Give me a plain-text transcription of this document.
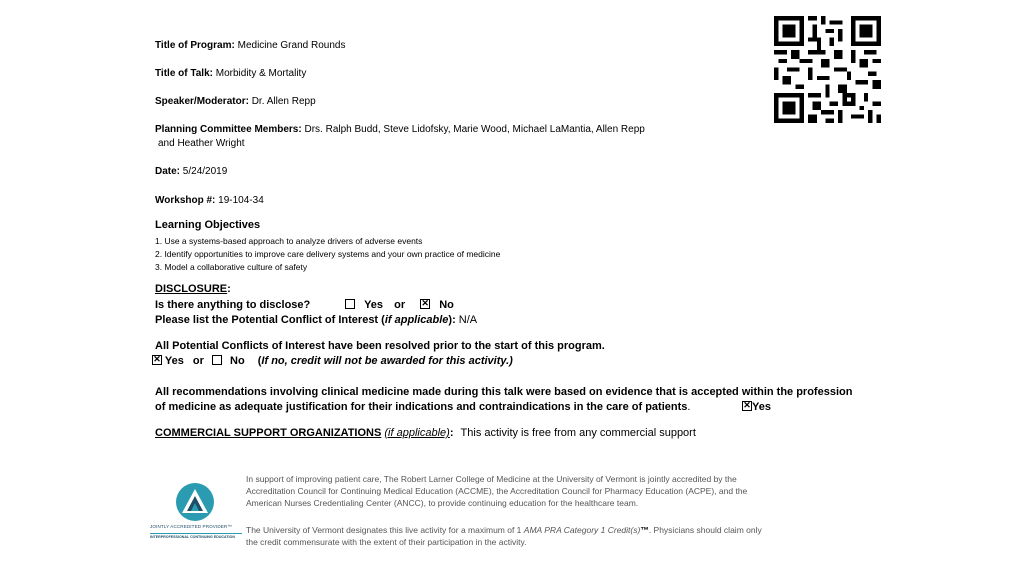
Title of Program: Medicine Grand Rounds
Title of Talk: Morbidity & Mortality
Speaker/Moderator: Dr. Allen Repp
Planning Committee Members: Drs. Ralph Budd, Steve Lidofsky, Marie Wood, Michael LaMantia, Allen Repp
and Heather Wright
Date: 5/24/2019
Workshop #: 19-104-34
Learning Objectives
1. Use a systems-based approach to analyze drivers of adverse events
2. Identify opportunities to improve care delivery systems and your own practice of medicine
3. Model a collaborative culture of safety
DISCLOSURE:
Is there anything to disclose?	Yes or ✕	No
Please list the Potential Conflict of Interest (if applicable): N/A
All Potential Conflicts of Interest have been resolved prior to the start of this program.
✕ Yes or No (If no, credit will not be awarded for this activity.)
All recommendations involving clinical medicine made during this talk were based on evidence that is accepted within the profession
of medicine as adequate justification for their indications and contraindications in the care of patients. ✕	Yes
COMMERCIAL SUPPORT ORGANIZATIONS (if applicable): This activity is free from any commercial support
JOINTLY ACCREDITED PROVIDER™
INTERPROFESSIONAL CONTINUING EDUCATION
In support of improving patient care, The Robert Larner College of Medicine at the University of Vermont is jointly accredited by the
Accreditation Council for Continuing Medical Education (ACCME), the Accreditation Council for Pharmacy Education (ACPE), and the
American Nurses Credentialing Center (ANCC), to provide continuing education for the healthcare team.
The University of Vermont designates this live activity for a maximum of 1 AMA PRA Category 1 Credit(s)™. Physicians should claim only
the credit commensurate with the extent of their participation in the activity.
